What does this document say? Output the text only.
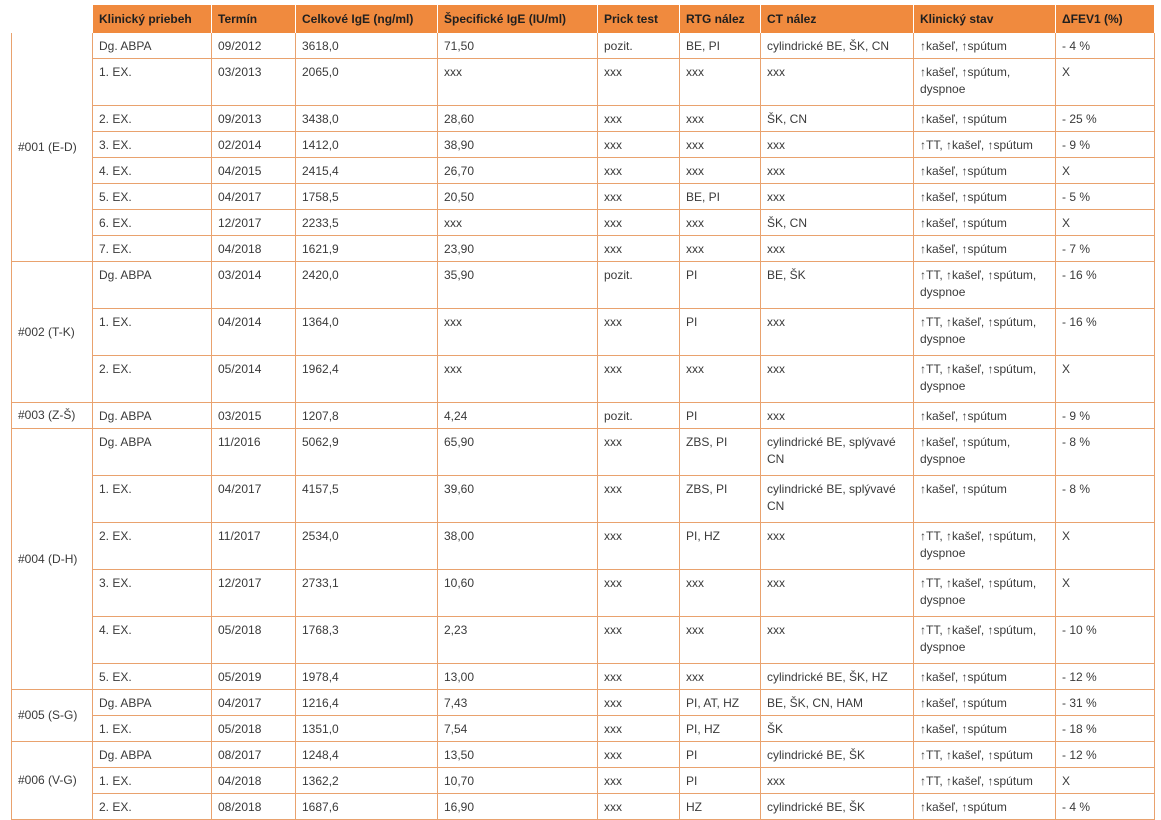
	Klinický priebeh	Termín	Celkové IgE (ng/ml)	Špecifické IgE (IU/ml)	Prick test	RTG nález	CT nález	Klinický stav	ΔFEV1 (%)
#001 (E-D)	Dg. ABPA	09/2012	3618,0	71,50	pozit.	BE, PI	cylindrické BE, ŠK, CN	↑kašeľ, ↑spútum	- 4 %
	1. EX.	03/2013	2065,0	xxx	xxx	xxx	xxx	↑kašeľ, ↑spútum, dyspnoe	X
	2. EX.	09/2013	3438,0	28,60	xxx	xxx	ŠK, CN	↑kašeľ, ↑spútum	- 25 %
	3. EX.	02/2014	1412,0	38,90	xxx	xxx	xxx	↑TT, ↑kašeľ, ↑spútum	- 9 %
	4. EX.	04/2015	2415,4	26,70	xxx	xxx	xxx	↑kašeľ, ↑spútum	X
	5. EX.	04/2017	1758,5	20,50	xxx	BE, PI	xxx	↑kašeľ, ↑spútum	- 5 %
	6. EX.	12/2017	2233,5	xxx	xxx	xxx	ŠK, CN	↑kašeľ, ↑spútum	X
	7. EX.	04/2018	1621,9	23,90	xxx	xxx	xxx	↑kašeľ, ↑spútum	- 7 %
#002 (T-K)	Dg. ABPA	03/2014	2420,0	35,90	pozit.	PI	BE, ŠK	↑TT, ↑kašeľ, ↑spútum, dyspnoe	- 16 %
	1. EX.	04/2014	1364,0	xxx	xxx	PI	xxx	↑TT, ↑kašeľ, ↑spútum, dyspnoe	- 16 %
	2. EX.	05/2014	1962,4	xxx	xxx	xxx	xxx	↑TT, ↑kašeľ, ↑spútum, dyspnoe	X
#003 (Z-Š)	Dg. ABPA	03/2015	1207,8	4,24	pozit.	PI	xxx	↑kašeľ, ↑spútum	- 9 %
#004 (D-H)	Dg. ABPA	11/2016	5062,9	65,90	xxx	ZBS, PI	cylindrické BE, splývavé CN	↑kašeľ, ↑spútum, dyspnoe	- 8 %
	1. EX.	04/2017	4157,5	39,60	xxx	ZBS, PI	cylindrické BE, splývavé CN	↑kašeľ, ↑spútum	- 8 %
	2. EX.	11/2017	2534,0	38,00	xxx	PI, HZ	xxx	↑TT, ↑kašeľ, ↑spútum, dyspnoe	X
	3. EX.	12/2017	2733,1	10,60	xxx	xxx	xxx	↑TT, ↑kašeľ, ↑spútum, dyspnoe	X
	4. EX.	05/2018	1768,3	2,23	xxx	xxx	xxx	↑TT, ↑kašeľ, ↑spútum, dyspnoe	- 10 %
	5. EX.	05/2019	1978,4	13,00	xxx	xxx	cylindrické BE, ŠK, HZ	↑kašeľ, ↑spútum	- 12 %
#005 (S-G)	Dg. ABPA	04/2017	1216,4	7,43	xxx	PI, AT, HZ	BE, ŠK, CN, HAM	↑kašeľ, ↑spútum	- 31 %
	1. EX.	05/2018	1351,0	7,54	xxx	PI, HZ	ŠK	↑kašeľ, ↑spútum	- 18 %
#006 (V-G)	Dg. ABPA	08/2017	1248,4	13,50	xxx	PI	cylindrické BE, ŠK	↑TT, ↑kašeľ, ↑spútum	- 12 %
	1. EX.	04/2018	1362,2	10,70	xxx	PI	xxx	↑TT, ↑kašeľ, ↑spútum	X
	2. EX.	08/2018	1687,6	16,90	xxx	HZ	cylindrické BE, ŠK	↑kašeľ, ↑spútum	- 4 %
